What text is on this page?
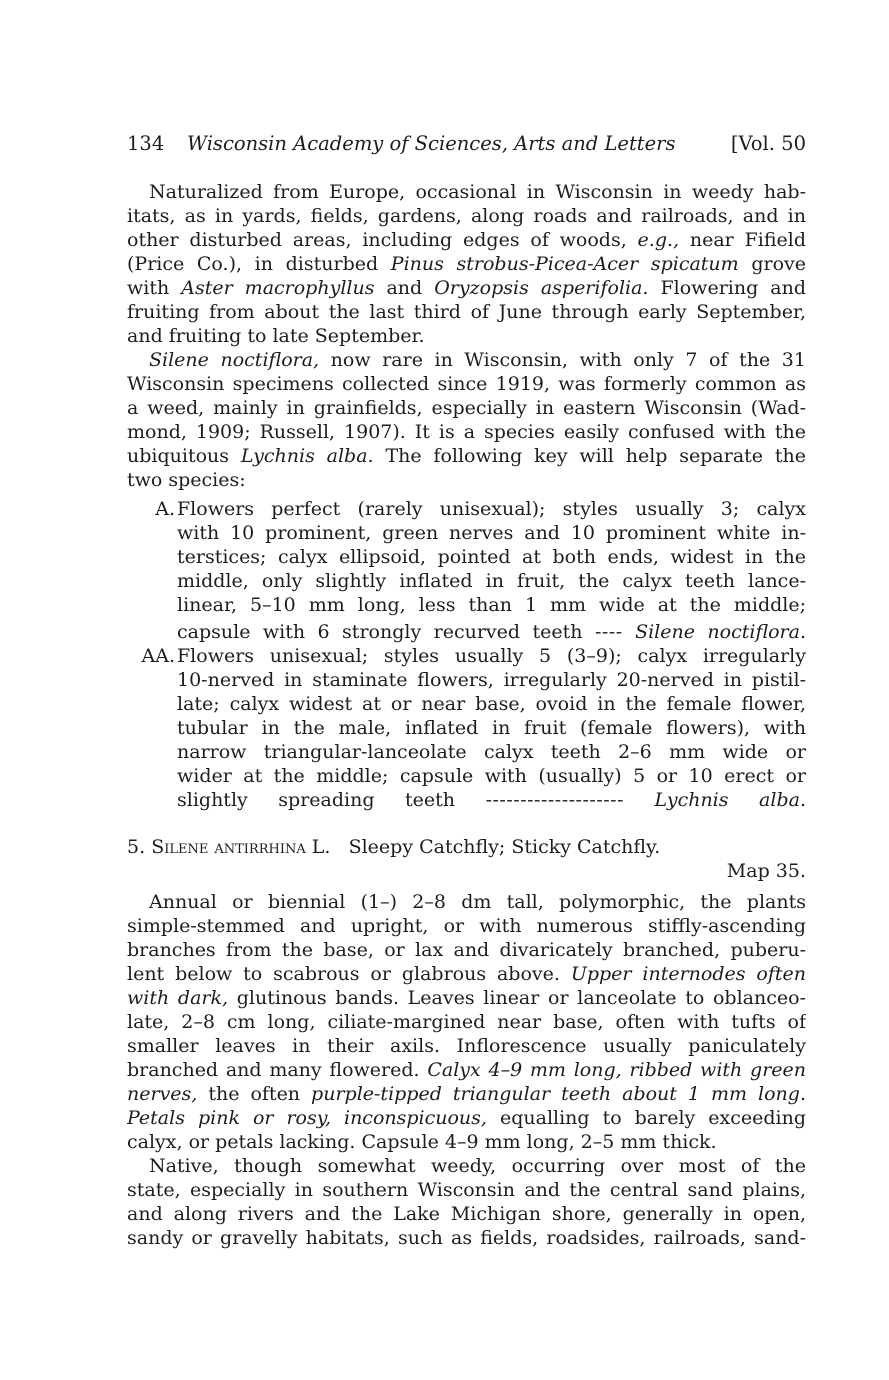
134 Wisconsin Academy of Sciences, Arts and Letters	[Vol. 50
Naturalized from Europe, occasional in Wisconsin in weedy hab-
itats, as in yards, fields, gardens, along roads and railroads, and in
other disturbed areas, including edges of woods, e.g., near Fifield
(Price Co.), in disturbed Pinus strobus-Picea-Acer spicatum grove
with Aster macrophyllus and Oryzopsis asperifolia. Flowering and
fruiting from about the last third of June through early September,
and fruiting to late September.
Silene noctiflora, now rare in Wisconsin, with only 7 of the 31
Wisconsin specimens collected since 1919, was formerly common as
a weed, mainly in grainfields, especially in eastern Wisconsin (Wad-
mond, 1909; Russell, 1907). It is a species easily confused with the
ubiquitous Lychnis alba. The following key will help separate the
two species:
A. Flowers perfect (rarely unisexual); styles usually 3; calyx
with 10 prominent, green nerves and 10 prominent white in-
terstices; calyx ellipsoid, pointed at both ends, widest in the
middle, only slightly inflated in fruit, the calyx teeth lance-
linear, 5–10 mm long, less than 1 mm wide at the middle;
capsule with 6 strongly recurved teeth ---- Silene noctiflora.
AA. Flowers unisexual; styles usually 5 (3–9); calyx irregularly
10-nerved in staminate flowers, irregularly 20-nerved in pistil-
late; calyx widest at or near base, ovoid in the female flower,
tubular in the male, inflated in fruit (female flowers), with
narrow triangular-lanceolate calyx teeth 2–6 mm wide or
wider at the middle; capsule with (usually) 5 or 10 erect or
slightly spreading teeth -------------------- Lychnis alba.
5. Silene antirrhina L. Sleepy Catchfly; Sticky Catchfly.
Map 35.
Annual or biennial (1–) 2–8 dm tall, polymorphic, the plants
simple-stemmed and upright, or with numerous stiffly-ascending
branches from the base, or lax and divaricately branched, puberu-
lent below to scabrous or glabrous above. Upper internodes often
with dark, glutinous bands. Leaves linear or lanceolate to oblanceo-
late, 2–8 cm long, ciliate-margined near base, often with tufts of
smaller leaves in their axils. Inflorescence usually paniculately
branched and many flowered. Calyx 4–9 mm long, ribbed with green
nerves, the often purple-tipped triangular teeth about 1 mm long.
Petals pink or rosy, inconspicuous, equalling to barely exceeding
calyx, or petals lacking. Capsule 4–9 mm long, 2–5 mm thick.
Native, though somewhat weedy, occurring over most of the
state, especially in southern Wisconsin and the central sand plains,
and along rivers and the Lake Michigan shore, generally in open,
sandy or gravelly habitats, such as fields, roadsides, railroads, sand-
